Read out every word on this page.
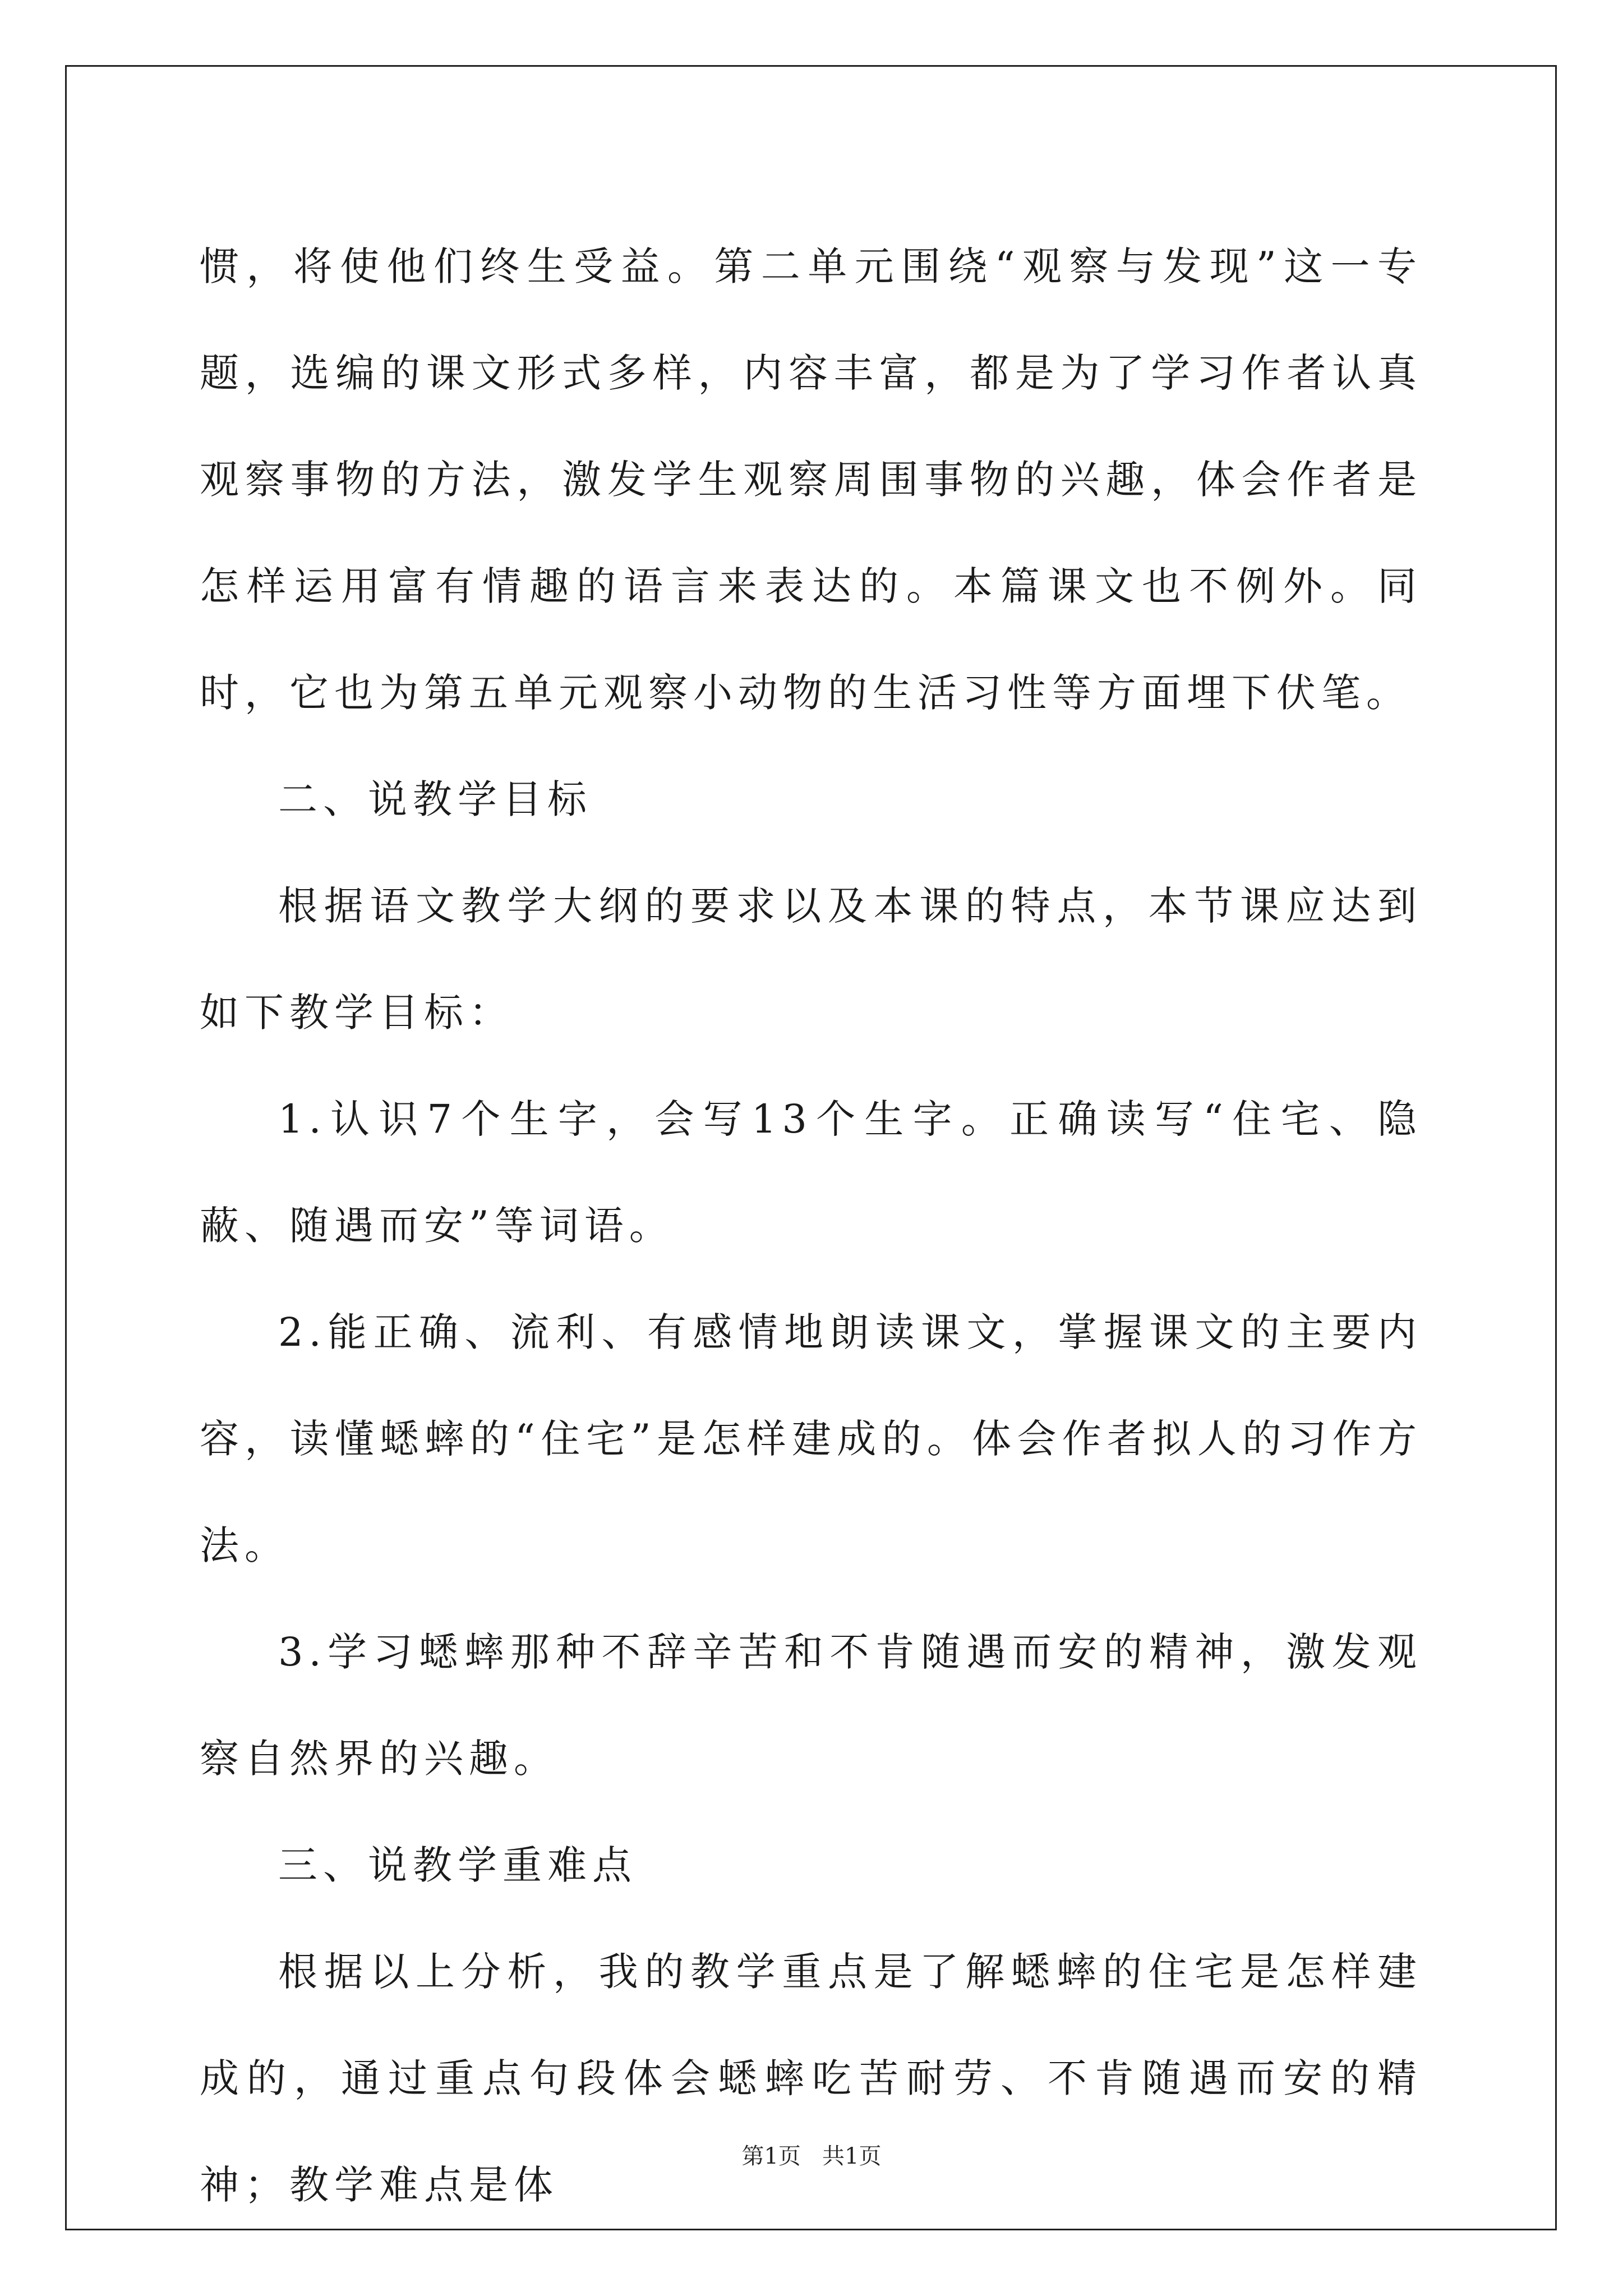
惯，将使他们终生受益。第二单元围绕“观察与发现”这一专题，选编的课文形式多样，内容丰富，都是为了学习作者认真观察事物的方法，激发学生观察周围事物的兴趣，体会作者是怎样运用富有情趣的语言来表达的。本篇课文也不例外。同时，它也为第五单元观察小动物的生活习性等方面埋下伏笔。

二、说教学目标

根据语文教学大纲的要求以及本课的特点，本节课应达到如下教学目标：

1.认识7个生字，会写13个生字。正确读写“住宅、隐蔽、随遇而安”等词语。

2.能正确、流利、有感情地朗读课文，掌握课文的主要内容，读懂蟋蟀的“住宅”是怎样建成的。体会作者拟人的习作方法。

3.学习蟋蟀那种不辞辛苦和不肯随遇而安的精神，激发观察自然界的兴趣。

三、说教学重难点

根据以上分析，我的教学重点是了解蟋蟀的住宅是怎样建成的，通过重点句段体会蟋蟀吃苦耐劳、不肯随遇而安的精神；教学难点是体

第1页   共1页
